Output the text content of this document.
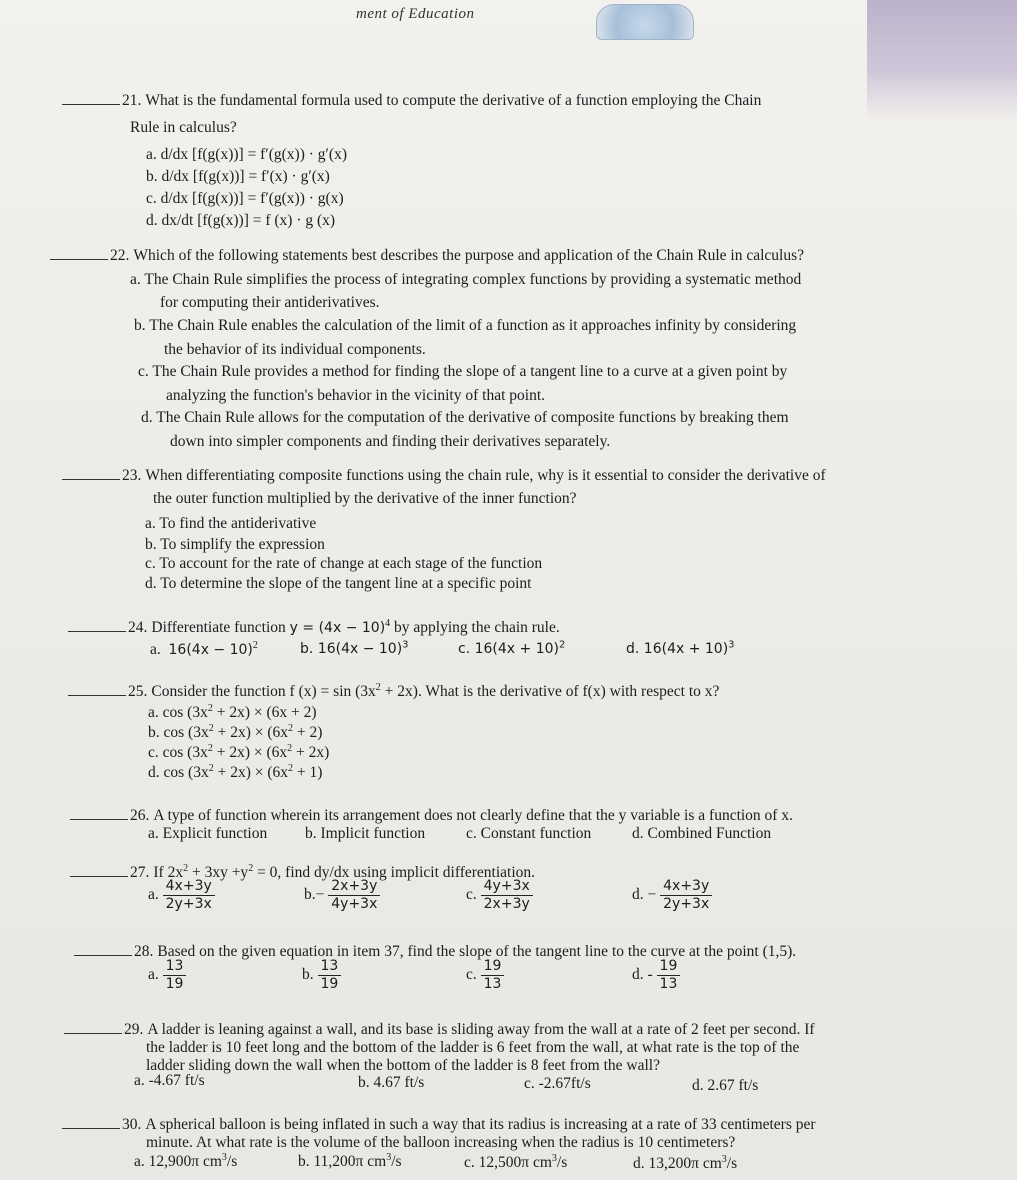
ment of Education
21. What is the fundamental formula used to compute the derivative of a function employing the Chain
Rule in calculus?
a. d/dx [f(g(x))] = f′(g(x)) · g′(x)
b. d/dx [f(g(x))] = f′(x) · g′(x)
c. d/dx [f(g(x))] = f′(g(x)) · g(x)
d. dx/dt [f(g(x))] = f (x) · g (x)
22. Which of the following statements best describes the purpose and application of the Chain Rule in calculus?
a. The Chain Rule simplifies the process of integrating complex functions by providing a systematic method
for computing their antiderivatives.
b. The Chain Rule enables the calculation of the limit of a function as it approaches infinity by considering
the behavior of its individual components.
c. The Chain Rule provides a method for finding the slope of a tangent line to a curve at a given point by
analyzing the function's behavior in the vicinity of that point.
d. The Chain Rule allows for the computation of the derivative of composite functions by breaking them
down into simpler components and finding their derivatives separately.
23. When differentiating composite functions using the chain rule, why is it essential to consider the derivative of
the outer function multiplied by the derivative of the inner function?
a. To find the antiderivative
b. To simplify the expression
c. To account for the rate of change at each stage of the function
d. To determine the slope of the tangent line at a specific point
24. Differentiate function $y = (4x - 10)^4$ by applying the chain rule.
a. $16(4x - 10)^2$	b. $16(4x - 10)^3$	c. $16(4x + 10)^2$	d. $16(4x + 10)^3$
25. Consider the function f $(x) = \sin (3x^2 + 2x)$. What is the derivative of f(x) with respect to x?
a. $\cos (3x^2 + 2x) \times (6x + 2)$
b. $\cos (3x^2 + 2x) \times (6x^2 + 2)$
c. $\cos (3x^2 + 2x) \times (6x^2 + 2x)$
d. $\cos (3x^2 + 2x) \times (6x^2 + 1)$
26. A type of function wherein its arrangement does not clearly define that the y variable is a function of x.
a. Explicit function b. Implicit function	c. Constant function	d. Combined Function
27. If $2x^2 + 3xy +y^2 = 0$, find dy/dx using implicit differentiation.
a. $\frac{4x+3y}{2y+3x}$	$b.- \frac{2x+3y}{4y+3x}$	c. $\frac{4y+3x}{2x+3y}$	d. − $\frac{4x+3y}{2y+3x}$
28. Based on the given equation in item 37, find the slope of the tangent line to the curve at the point (1,5).
a. $\frac{13}{19}$	b. $\frac{13}{19}$	c. $\frac{19}{13}$	d. - $\frac{19}{13}$
29. A ladder is leaning against a wall, and its base is sliding away from the wall at a rate of 2 feet per second. If
the ladder is 10 feet long and the bottom of the ladder is 6 feet from the wall, at what rate is the top of the
ladder sliding down the wall when the bottom of the ladder is 8 feet from the wall?
a. -4.67 ft/s	b. 4.67 ft/s	c. -2.67ft/s	d. 2.67 ft/s
30. A spherical balloon is being inflated in such a way that its radius is increasing at a rate of 33 centimeters per
minute. At what rate is the volume of the balloon increasing when the radius is 10 centimeters?
a. 12,900π $cm^3/s$	b. 11,200π $cm^3/s$	c. 12,500π $cm^3/s$	d. 13,200π $cm^3/s$
